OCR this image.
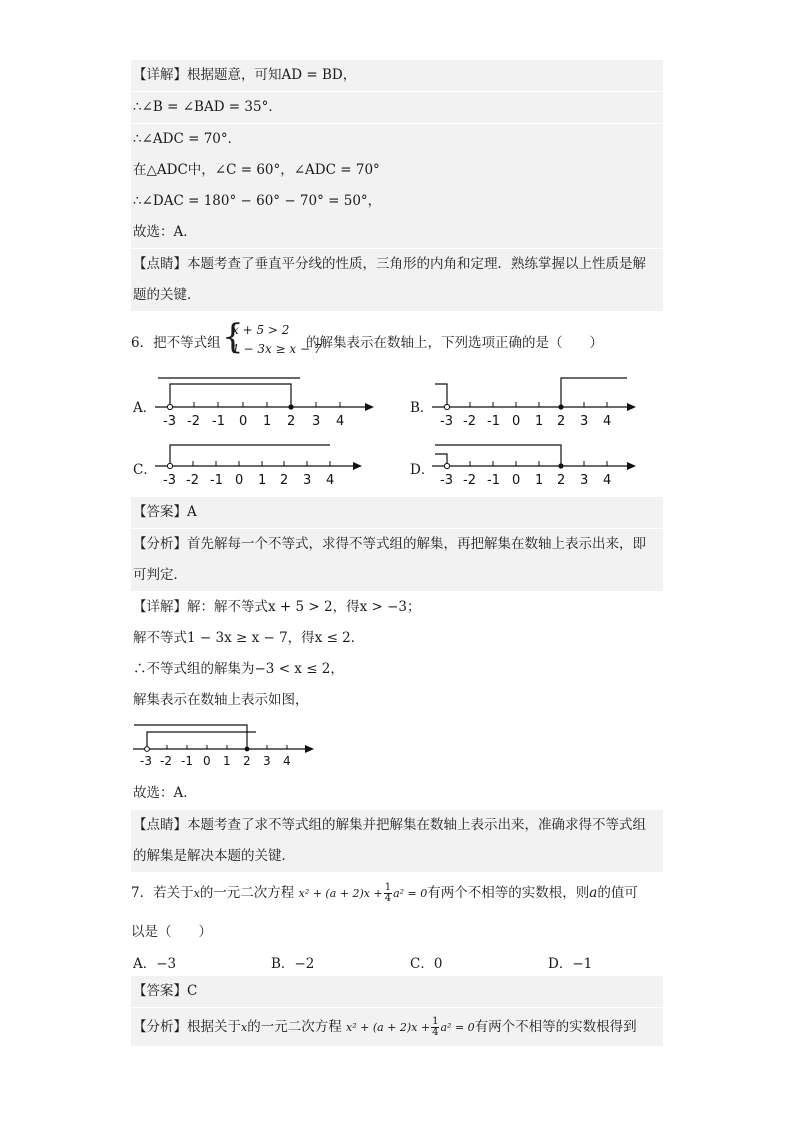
【详解】根据题意，可知AD = BD，
∴∠B = ∠BAD = 35°．
∴∠ADC = 70°．
在△ADC中，∠C = 60°，∠ADC = 70°
∴∠DAC = 180° − 60° − 70° = 50°，
故选：A．
【点睛】本题考查了垂直平分线的性质，三角形的内角和定理．熟练掌握以上性质是解
题的关键．
6．把不等式组 {
x + 5 > 2
1 − 3x ≥ x − 7
的解集表示在数轴上，下列选项正确的是（　　）
A．	B．
C．	D．
-3 -2 -1 0 1 2 3 4	-3 -2 -1 0 1 2 3 4
-3 -2 -1 0 1 2 3 4	-3 -2 -1 0 1 2 3 4
【答案】A
【分析】首先解每一个不等式，求得不等式组的解集，再把解集在数轴上表示出来，即
可判定．
【详解】解：解不等式x + 5 > 2，得x > −3；
解不等式1 − 3x ≥ x − 7，得x ≤ 2．
∴不等式组的解集为−3 < x ≤ 2，
解集表示在数轴上表示如图，
-3 -2 -1 0 1 2 3 4
故选：A．
【点睛】本题考查了求不等式组的解集并把解集在数轴上表示出来，准确求得不等式组
的解集是解决本题的关键．
7．若关于x的一元二次方程 $x^2 + (a + 2)x + \frac{1}{4} a^2 = 0$有两个不相等的实数根，则a的值可
以是（　　）
A．−3	B．−2	C．0	D．−1
【答案】C
【分析】根据关于x的一元二次方程 $x^2 + (a + 2)x + \frac{1}{4} a^2 = 0$有两个不相等的实数根得到
